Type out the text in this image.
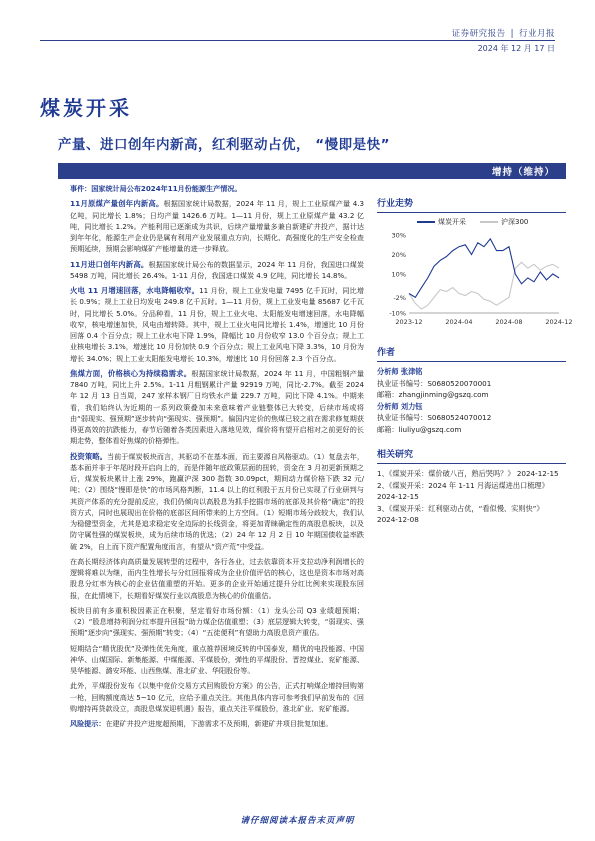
证券研究报告 | 行业月报
2024 年 12 月 17 日
煤炭开采
产量、进口创年内新高，红利驱动占优， “慢即是快”
增持（维持）

事件：国家统计局公布2024年11月份能源生产情况。

11月原煤产量创年内新高。根据国家统计局数据，2024 年 11 月，规上工业原煤产量 4.3 亿吨，同比增长 1.8%；日均产量 1426.6 万吨。1—11 月份，规上工业原煤产量 43.2 亿吨，同比增长 1.2%。产能利用已逐渐成为共识，后续产量增量多兼自新建矿井投产，据计达到年年化，能源生产企业仍是属有利用产业发展重点方向，长期化、高强度化的生产安全检查预期延续，预期会影响煤矿产能增量的进一步释放。

11月进口创年内新高。根据国家统计局公布的数据显示，2024 年 11 月份，我国进口煤炭 5498 万吨，同比增长 26.4%。1-11 月份，我国进口煤炭 4.9 亿吨，同比增长 14.8%。

火电 11 月增速回落，水电降幅收窄。11 月份，规上工业发电量 7495 亿千瓦时，同比增长 0.9%；规上工业日均发电 249.8 亿千瓦时。1—11 月份，规上工业发电量 85687 亿千瓦时，同比增长 5.0%。分品种看，11 月份，规上工业火电、太阳能发电增速回落，水电降幅收窄，核电增速加快，风电由增转降。其中，规上工业火电同比增长 1.4%，增速比 10 月份回落 0.4 个百分点；规上工业水电下降 1.9%，降幅比 10 月份收窄 13.0 个百分点；规上工业核电增长 3.1%，增速比 10 月份加快 0.9 个百分点；规上工业风电下降 3.3%，10 月份为增长 34.0%；规上工业太阳能发电增长 10.3%，增速比 10 月份回落 2.3 个百分点。

焦煤方面，价格核心为持续稳需求。根据国家统计局数据，2024 年 11 月，中国粗钢产量 7840 万吨，同比上升 2.5%。1-11 月粗钢累计产量 92919 万吨，同比-2.7%。截至 2024 年 12 月 13 日当周，247 家样本钢厂日均铁水产量 229.7 万吨，同比下降 4.1%。中期来看，我们始终认为近期的一系列政策叠加未来意味着产业链整体已大转变，后续市场或将由“弱现实、强预期”逐步转向“强现实、强预期”。偏国内定价的焦煤已较之前在需求修复期获得更高效的抗跌能力，春节后随着各类因素进入落地见效，煤价将有望开启相对之前更好的长期走势，整体看好焦煤的价格弹性。

投资策略。当前于煤炭板块而言，其驱动不在基本面，而主要源自风格驱动。（1）复盘去年，基本面并非于年尾时段开启向上的，而是伴随年底政策层面的扭转，资金在 3 月初更新预期之后，煤炭板块累计上涨 29%，跑赢沪深 300 指数 30.09pct，期间动力煤价格下跌 32 元/吨；（2）围绕“慢即是快”的市场风格判断，11.4 以上的红利股于五月份已实现了行业研判与其资产体系的充分提前反应，我们仍倾向以高股息为抓手挖掘市场的底部及其价格“确定”的投资方式，同时也展现出在价格的底部区间所带来的上方空间。（1）短期市场分歧较大，我们认为稳健型资金，尤其是追求稳定安全边际的长线资金，将更加青睐确定性的高股息板块，以及防守属性强的煤炭板块，成为后续市场的优选；（2）24 年 12 月 2 日 10 年期国债收益率跌破 2%，自上而下资产配置角度而言，有望从“资产荒”中受益。

在高长期经济体向高质量发展转型的过程中，各行各业，过去依靠资本开支拉动净利润增长的逻辑将难以为继，而内生性增长与分红回报将成为企业价值评估的核心，这也是资本市场对高股息分红率为核心的企业估值重塑的开始。更多的企业开始通过提升分红比例来实现股东回报，在此情境下，长期看好煤炭行业以高股息为核心的价值重估。

板块目前有多重积极因素正在积聚，坚定看好市场份额：（1）龙头公司 Q3 业绩超预期；（2）“股息增持利润分红率提升回报”助力煤企估值重塑；（3）底层逻辑大转变，“弱现实、强预期”逐步向“强现实、强预期”转变；（4）“五徒便利”有望助力高股息资产重估。

短期结合“精优股优”及弹性优先角度，重点推荐困境反转的中国泰发，精优的电投能源、中国神华、山煤国际、新集能源、中煤能源、平煤股份，弹性的平煤股份、晋控煤业、兖矿能源、昊华能源、潞安环能、山西焦煤、淮北矿业、华阳股份等。

此外，平煤股份发布《以集中竞价交易方式回购股份方案》的公告，正式打响煤企增持回购第一枪，回购额度高达 5~10 亿元，应给予重点关注。其他具体内容可参考我们早前发布的《回购增持再贷款设立，高股息煤炭迎机遇》报告，重点关注平煤股份，淮北矿业、兖矿能源。

风险提示：在建矿井投产进度超预期，下游需求不及预期，新建矿井项目批复加速。

行业走势
煤炭开采	沪深300
30%
20%
10%
-2%
-10%
2023-12	2024-04	2024-08	2024-12
作者
分析师 张津铭
执业证书编号：S0680520070001
邮箱：zhangjinming@gszq.com
分析师 刘力钰
执业证书编号：S0680524070012
邮箱：liuliyu@gszq.com
相关研究
1、《煤炭开采：煤价破八百，熟后哭吗？》 2024-12-15
2、《煤炭开采：2024 年 1-11 月海运煤进出口梳理》 2024-12-15
3、《煤炭开采：红利驱动占优，“看似慢、实则快”》 2024-12-08
请仔细阅读本报告末页声明
